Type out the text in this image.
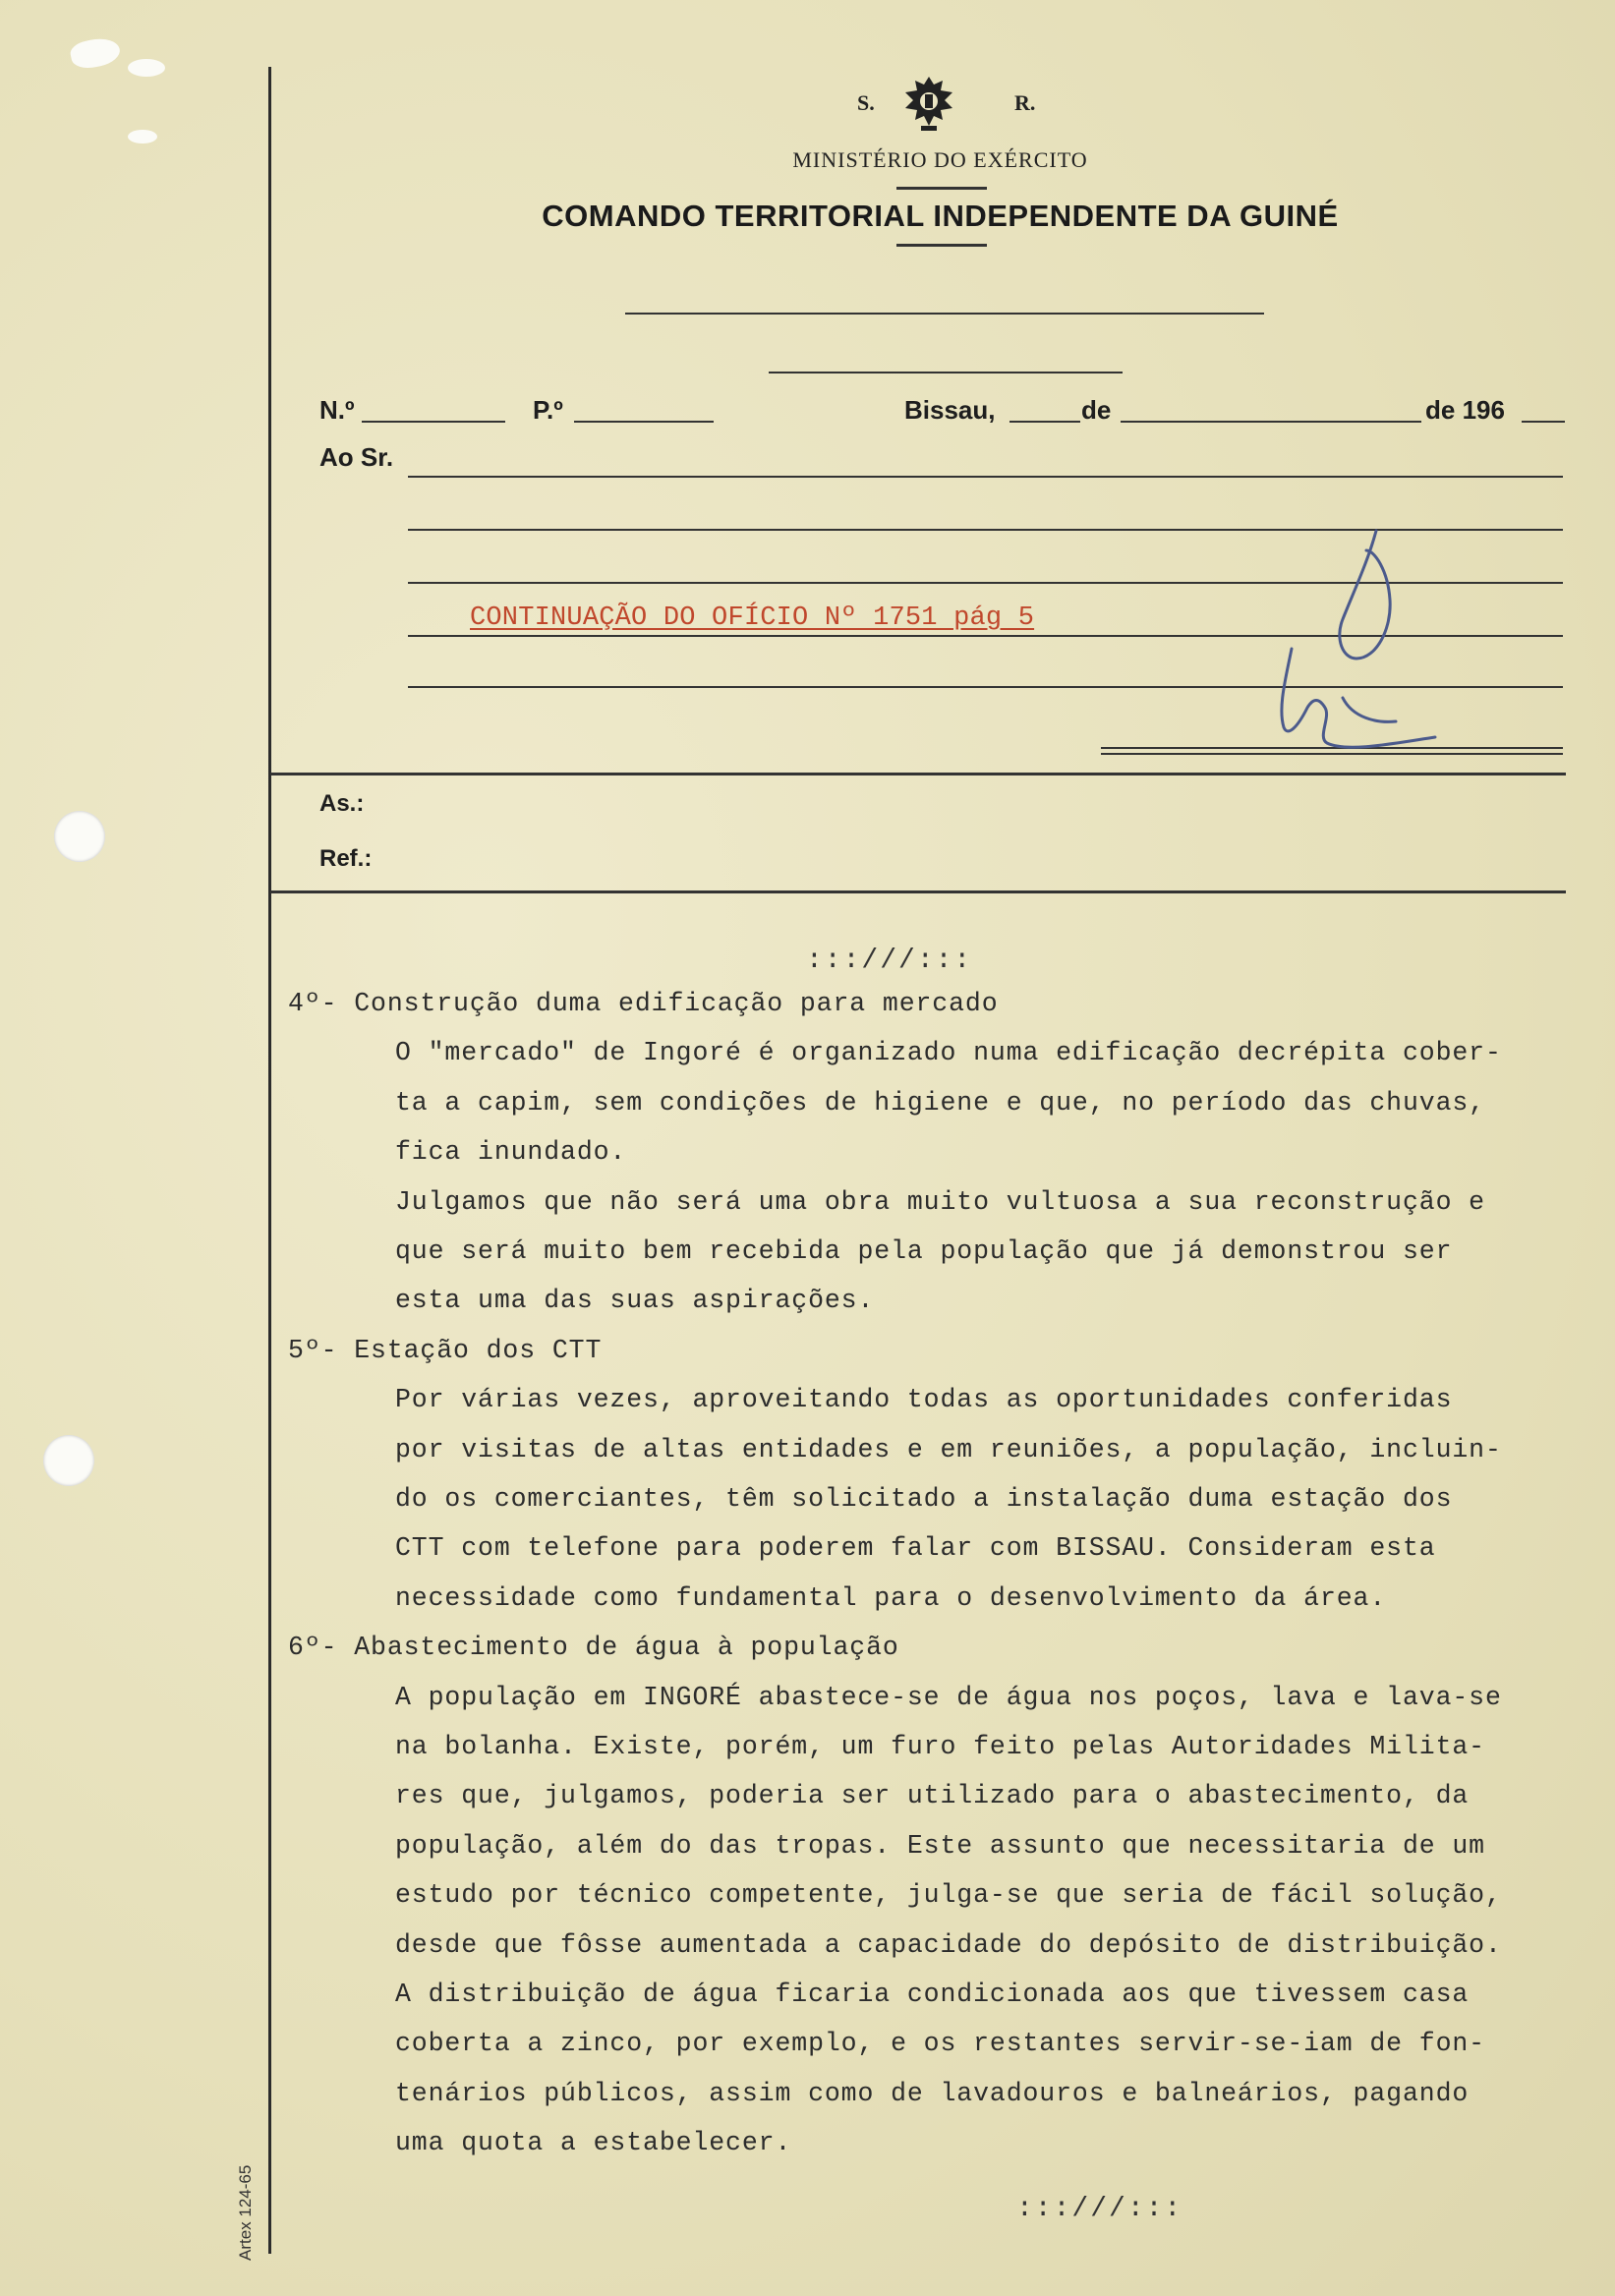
S.	R.
MINISTÉRIO DO EXÉRCITO
COMANDO TERRITORIAL INDEPENDENTE DA GUINÉ
N.º	P.º	Bissau,	de	de 196
Ao Sr.
CONTINUAÇÃO DO OFÍCIO Nº 1751 pág 5
As.:
Ref.:
:::///:::
4º- Construção duma edificação para mercado
O "mercado" de Ingoré é organizado numa edificação decrépita cober-
ta a capim, sem condições de higiene e que, no período das chuvas,
fica inundado.
Julgamos que não será uma obra muito vultuosa a sua reconstrução e
que será muito bem recebida pela população que já demonstrou ser
esta uma das suas aspirações.
5º- Estação dos CTT
Por várias vezes, aproveitando todas as oportunidades conferidas
por visitas de altas entidades e em reuniões, a população, incluin-
do os comerciantes, têm solicitado a instalação duma estação dos
CTT com telefone para poderem falar com BISSAU. Consideram esta
necessidade como fundamental para o desenvolvimento da área.
6º- Abastecimento de água à população
A população em INGORÉ abastece-se de água nos poços, lava e lava-se
na bolanha. Existe, porém, um furo feito pelas Autoridades Milita-
res que, julgamos, poderia ser utilizado para o abastecimento, da
população, além do das tropas. Este assunto que necessitaria de um
estudo por técnico competente, julga-se que seria de fácil solução,
desde que fôsse aumentada a capacidade do depósito de distribuição.
A distribuição de água ficaria condicionada aos que tivessem casa
coberta a zinco, por exemplo, e os restantes servir-se-iam de fon-
tenários públicos, assim como de lavadouros e balneários, pagando
uma quota a estabelecer.
:::///:::
Artex 124-65
